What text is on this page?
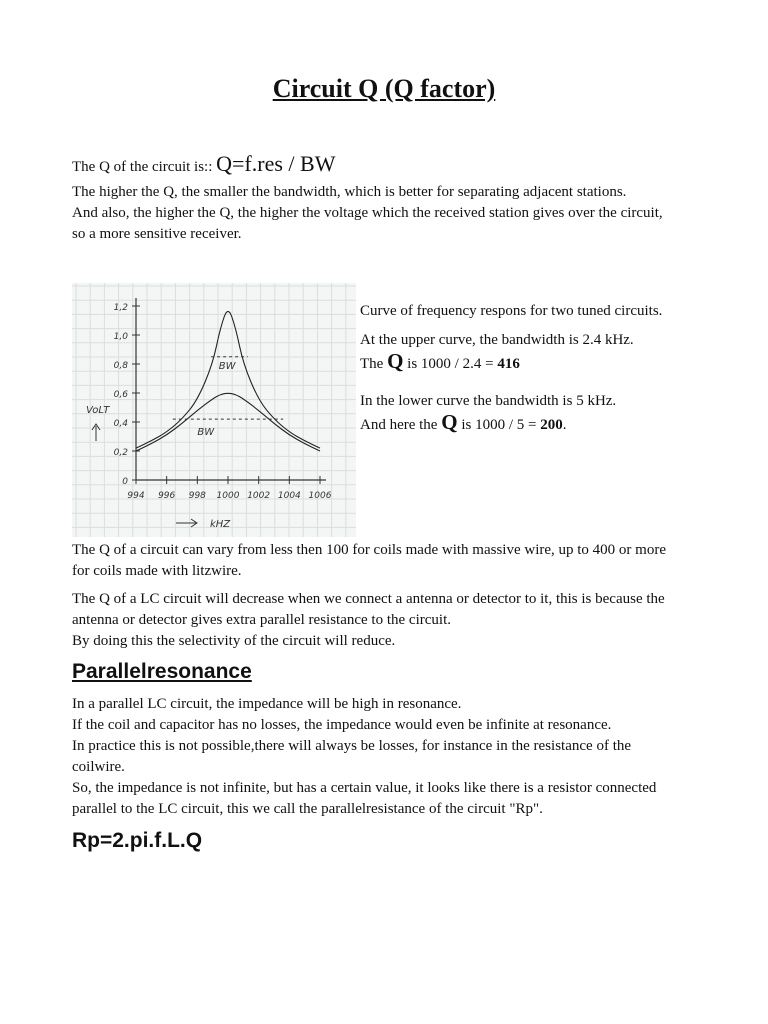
Circuit Q (Q factor)
The Q of the circuit is:: Q=f.res / BW
The higher the Q, the smaller the bandwidth, which is better for separating adjacent stations.
And also, the higher the Q, the higher the voltage which the received station gives over the circuit, so a more sensitive receiver.
0
0,2
0,4
0,6
0,8
1,0
1,2
994 996 998 1000 1002 1004 1006
BW
BW
VoLT
kHZ
Curve of frequency respons for two tuned circuits.
At the upper curve, the bandwidth is 2.4 kHz.
The Q is 1000 / 2.4 = 416
In the lower curve the bandwidth is 5 kHz.
And here the Q is 1000 / 5 = 200.
The Q of a circuit can vary from less then 100 for coils made with massive wire, up to 400 or more for coils made with litzwire.
The Q of a LC circuit will decrease when we connect a antenna or detector to it, this is because the antenna or detector gives extra parallel resistance to the circuit.
By doing this the selectivity of the circuit will reduce.
Parallelresonance
In a parallel LC circuit, the impedance will be high in resonance.
If the coil and capacitor has no losses, the impedance would even be infinite at resonance.
In practice this is not possible,there will always be losses, for instance in the resistance of the coilwire.
So, the impedance is not infinite, but has a certain value, it looks like there is a resistor connected parallel to the LC circuit, this we call the parallelresistance of the circuit "Rp".
Rp=2.pi.f.L.Q
